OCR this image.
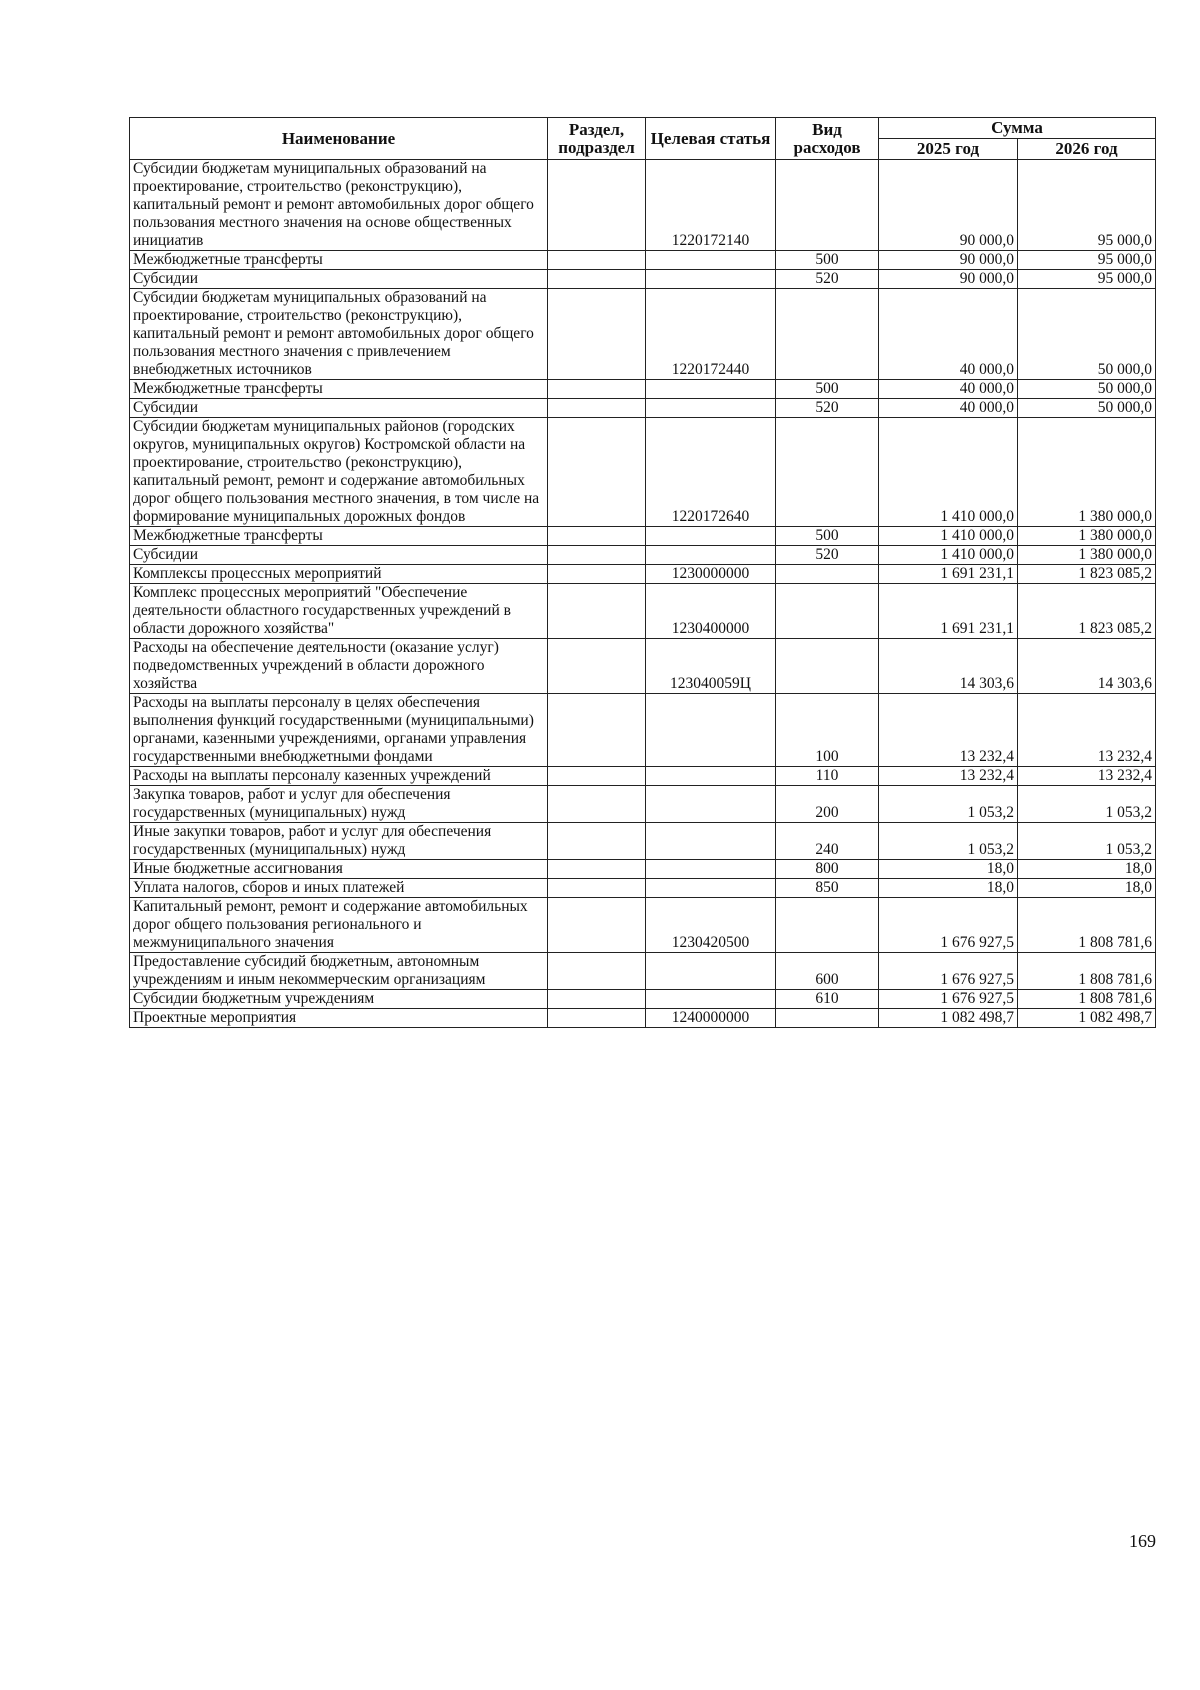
Наименование	Раздел, подраздел	Целевая статья	Вид расходов	Сумма	
				2025 год	2026 год
Субсидии бюджетам муниципальных образований на проектирование, строительство (реконструкцию), капитальный ремонт и ремонт автомобильных дорог общего пользования местного значения на основе общественных инициатив		1220172140		90 000,0	95 000,0
Межбюджетные трансферты			500	90 000,0	95 000,0
Субсидии			520	90 000,0	95 000,0
Субсидии бюджетам муниципальных образований на проектирование, строительство (реконструкцию), капитальный ремонт и ремонт автомобильных дорог общего пользования местного значения с привлечением внебюджетных источников		1220172440		40 000,0	50 000,0
Межбюджетные трансферты			500	40 000,0	50 000,0
Субсидии			520	40 000,0	50 000,0
Субсидии бюджетам муниципальных районов (городских округов, муниципальных округов) Костромской области на проектирование, строительство (реконструкцию), капитальный ремонт, ремонт и содержание автомобильных дорог общего пользования местного значения, в том числе на формирование муниципальных дорожных фондов		1220172640		1 410 000,0	1 380 000,0
Межбюджетные трансферты			500	1 410 000,0	1 380 000,0
Субсидии			520	1 410 000,0	1 380 000,0
Комплексы процессных мероприятий		1230000000		1 691 231,1	1 823 085,2
Комплекс процессных мероприятий "Обеспечение деятельности областного государственных учреждений в области дорожного хозяйства"		1230400000		1 691 231,1	1 823 085,2
Расходы на обеспечение деятельности (оказание услуг) подведомственных учреждений в области дорожного хозяйства		123040059Ц		14 303,6	14 303,6
Расходы на выплаты персоналу в целях обеспечения выполнения функций государственными (муниципальными) органами, казенными учреждениями, органами управления государственными внебюджетными фондами			100	13 232,4	13 232,4
Расходы на выплаты персоналу казенных учреждений			110	13 232,4	13 232,4
Закупка товаров, работ и услуг для обеспечения государственных (муниципальных) нужд			200	1 053,2	1 053,2
Иные закупки товаров, работ и услуг для обеспечения государственных (муниципальных) нужд			240	1 053,2	1 053,2
Иные бюджетные ассигнования			800	18,0	18,0
Уплата налогов, сборов и иных платежей			850	18,0	18,0
Капитальный ремонт, ремонт и содержание автомобильных дорог общего пользования регионального и межмуниципального значения		1230420500		1 676 927,5	1 808 781,6
Предоставление субсидий бюджетным, автономным учреждениям и иным некоммерческим организациям			600	1 676 927,5	1 808 781,6
Субсидии бюджетным учреждениям			610	1 676 927,5	1 808 781,6
Проектные мероприятия		1240000000		1 082 498,7	1 082 498,7
169
